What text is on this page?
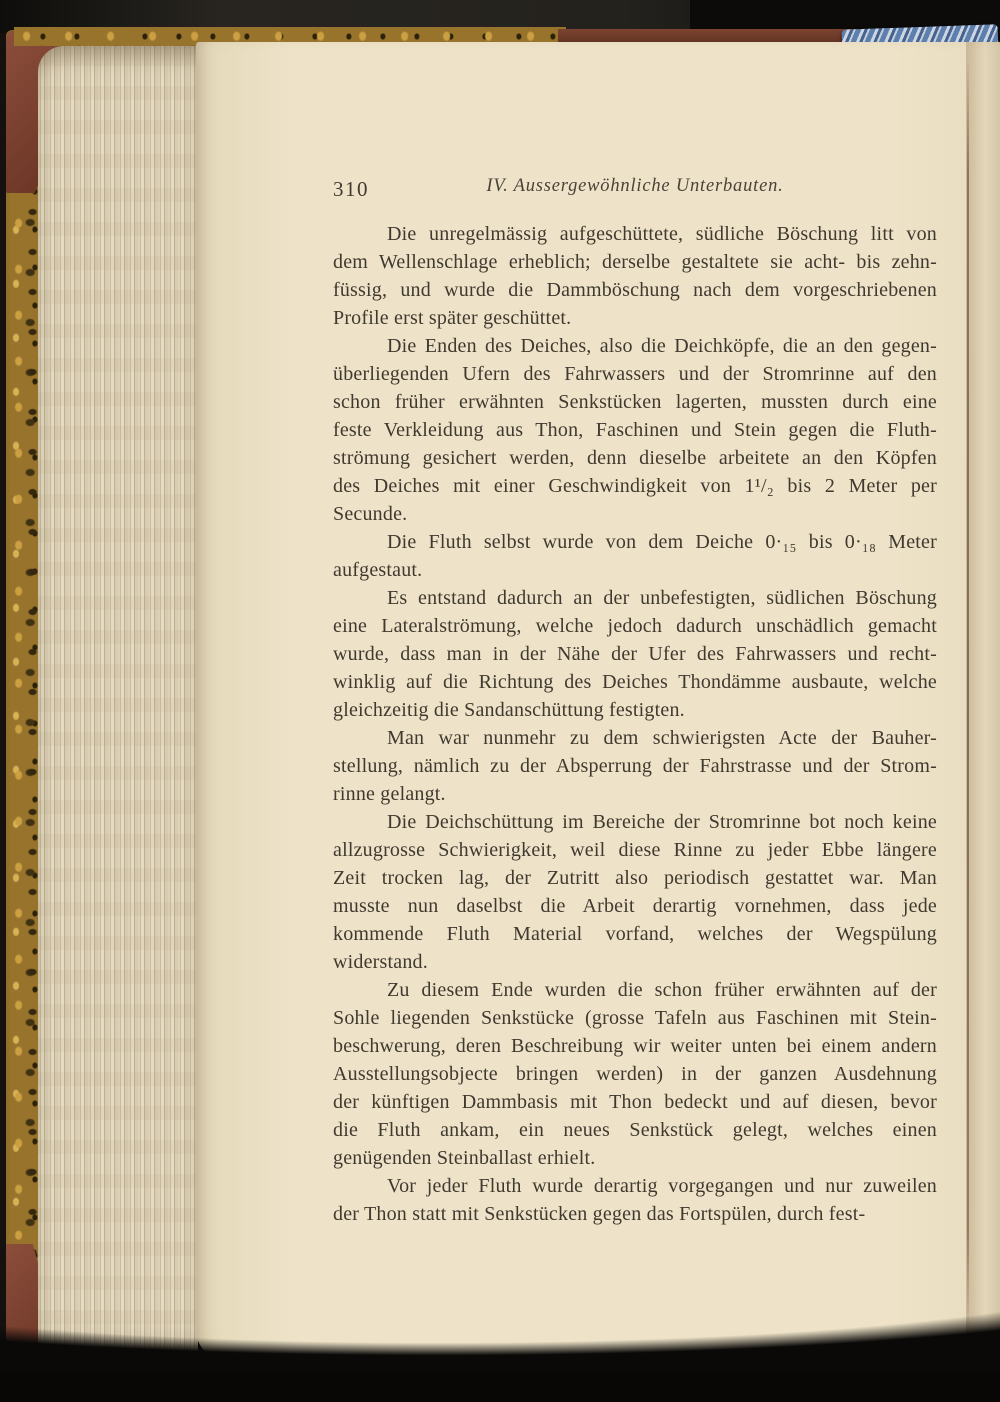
310	IV. Aussergewöhnliche Unterbauten.
Die unregelmässig aufgeschüttete, südliche Böschung litt von
dem Wellenschlage erheblich; derselbe gestaltete sie acht- bis zehn-
füssig, und wurde die Dammböschung nach dem vorgeschriebenen
Profile erst später geschüttet.
Die Enden des Deiches, also die Deichköpfe, die an den gegen-
überliegenden Ufern des Fahrwassers und der Stromrinne auf den
schon früher erwähnten Senkstücken lagerten, mussten durch eine
feste Verkleidung aus Thon, Faschinen und Stein gegen die Fluth-
strömung gesichert werden, denn dieselbe arbeitete an den Köpfen
des Deiches mit einer Geschwindigkeit von 1¹/₂ bis 2 Meter per
Secunde.
Die Fluth selbst wurde von dem Deiche 0·₁₅ bis 0·₁₈ Meter
aufgestaut.
Es entstand dadurch an der unbefestigten, südlichen Böschung
eine Lateralströmung, welche jedoch dadurch unschädlich gemacht
wurde, dass man in der Nähe der Ufer des Fahrwassers und recht-
winklig auf die Richtung des Deiches Thondämme ausbaute, welche
gleichzeitig die Sandanschüttung festigten.
Man war nunmehr zu dem schwierigsten Acte der Bauher-
stellung, nämlich zu der Absperrung der Fahrstrasse und der Strom-
rinne gelangt.
Die Deichschüttung im Bereiche der Stromrinne bot noch keine
allzugrosse Schwierigkeit, weil diese Rinne zu jeder Ebbe längere
Zeit trocken lag, der Zutritt also periodisch gestattet war. Man
musste nun daselbst die Arbeit derartig vornehmen, dass jede
kommende Fluth Material vorfand, welches der Wegspülung
widerstand.
Zu diesem Ende wurden die schon früher erwähnten auf der
Sohle liegenden Senkstücke (grosse Tafeln aus Faschinen mit Stein-
beschwerung, deren Beschreibung wir weiter unten bei einem andern
Ausstellungsobjecte bringen werden) in der ganzen Ausdehnung
der künftigen Dammbasis mit Thon bedeckt und auf diesen, bevor
die Fluth ankam, ein neues Senkstück gelegt, welches einen
genügenden Steinballast erhielt.
Vor jeder Fluth wurde derartig vorgegangen und nur zuweilen
der Thon statt mit Senkstücken gegen das Fortspülen, durch fest-
